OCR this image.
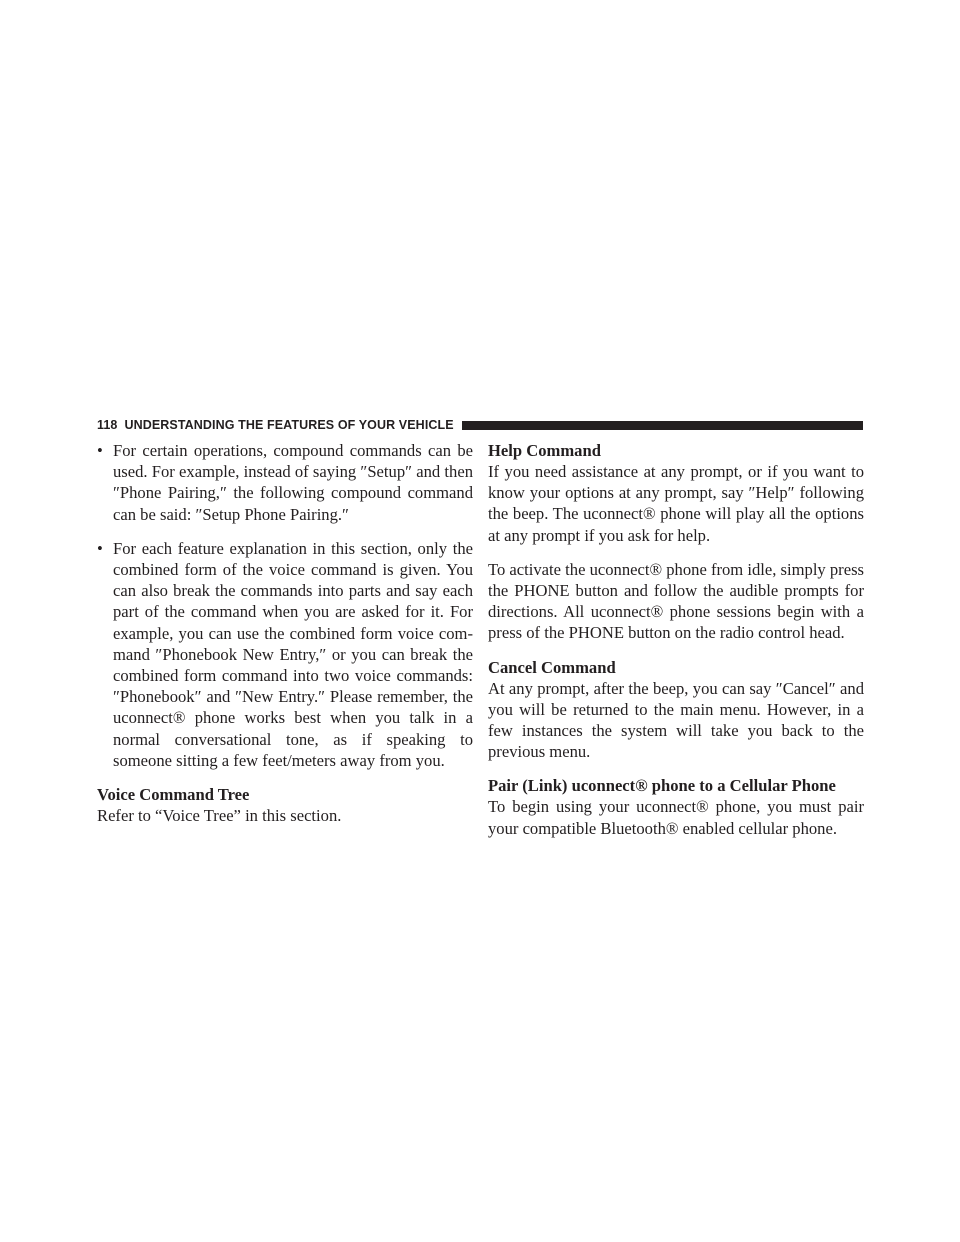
118 UNDERSTANDING THE FEATURES OF YOUR VEHICLE
• For certain operations, compound commands can be used. For example, instead of saying ″Setup″ and then ″Phone Pairing,″ the following compound command can be said: ″Setup Phone Pairing.″
• For each feature explanation in this section, only the combined form of the voice command is given. You can also break the commands into parts and say each part of the command when you are asked for it. For example, you can use the combined form voice com-mand ″Phonebook New Entry,″ or you can break the combined form command into two voice commands: ″Phonebook″ and ″New Entry.″ Please remember, the uconnect® phone works best when you talk in a normal conversational tone, as if speaking to someone sitting a few feet/meters away from you.
Voice Command Tree

Refer to “Voice Tree” in this section.

Help Command

If you need assistance at any prompt, or if you want to know your options at any prompt, say ″Help″ following the beep. The uconnect® phone will play all the options at any prompt if you ask for help.

To activate the uconnect® phone from idle, simply press the PHONE button and follow the audible prompts for directions. All uconnect® phone sessions begin with a press of the PHONE button on the radio control head.

Cancel Command

At any prompt, after the beep, you can say ″Cancel″ and you will be returned to the main menu. However, in a few instances the system will take you back to the previous menu.

Pair (Link) uconnect® phone to a Cellular Phone

To begin using your uconnect® phone, you must pair your compatible Bluetooth® enabled cellular phone.
